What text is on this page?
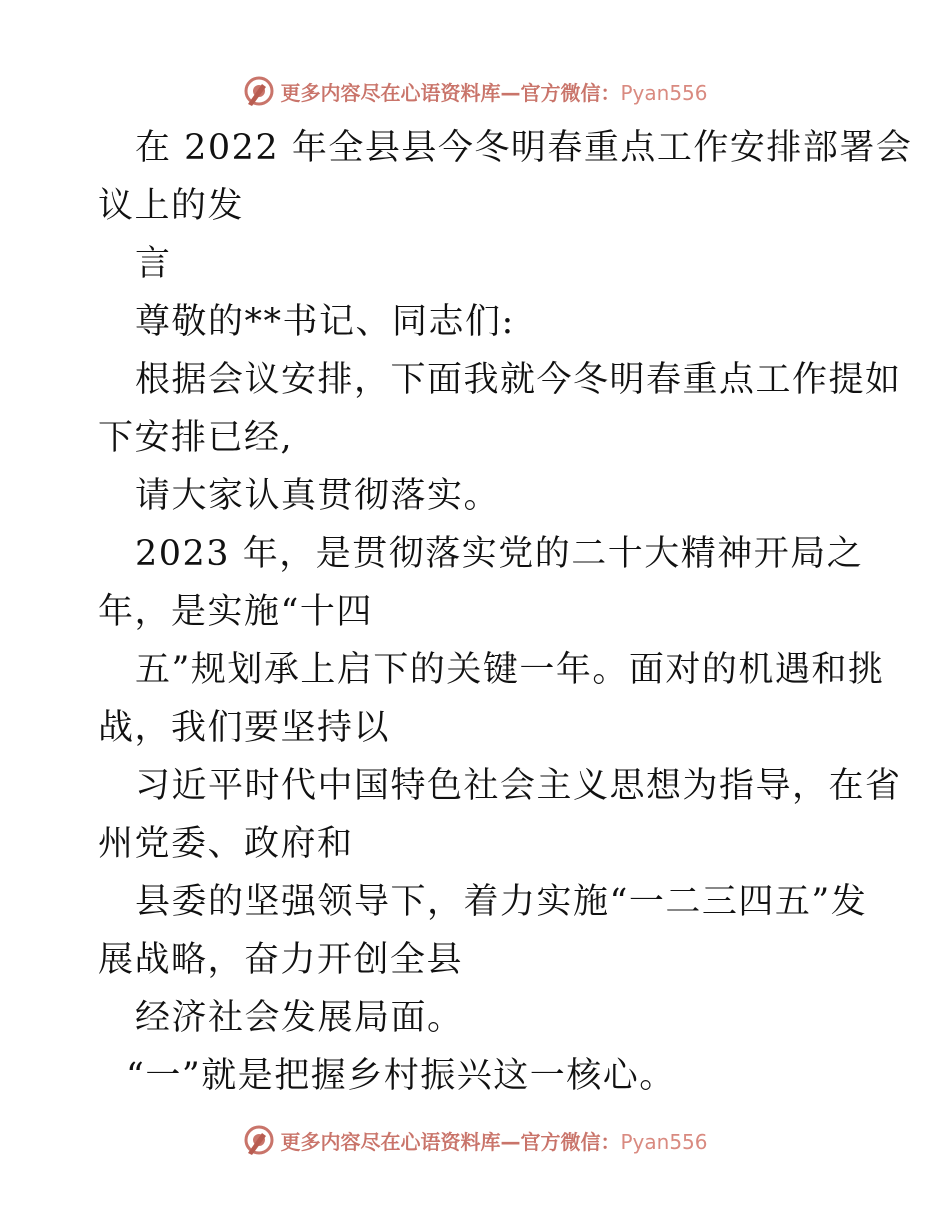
更多内容尽在心语资料库—官方微信：Pyan556
在 2022 年全县县今冬明春重点工作安排部署会
议上的发
言
尊敬的**书记、同志们:
根据会议安排，下面我就今冬明春重点工作提如
下安排已经,
请大家认真贯彻落实。
2023 年，是贯彻落实党的二十大精神开局之
年，是实施“十四
五”规划承上启下的关键一年。面对的机遇和挑
战，我们要坚持以
习近平时代中国特色社会主义思想为指导，在省
州党委、政府和
县委的坚强领导下，着力实施“一二三四五”发
展战略，奋力开创全县
经济社会发展局面。
“一”就是把握乡村振兴这一核心。
更多内容尽在心语资料库—官方微信：Pyan556
